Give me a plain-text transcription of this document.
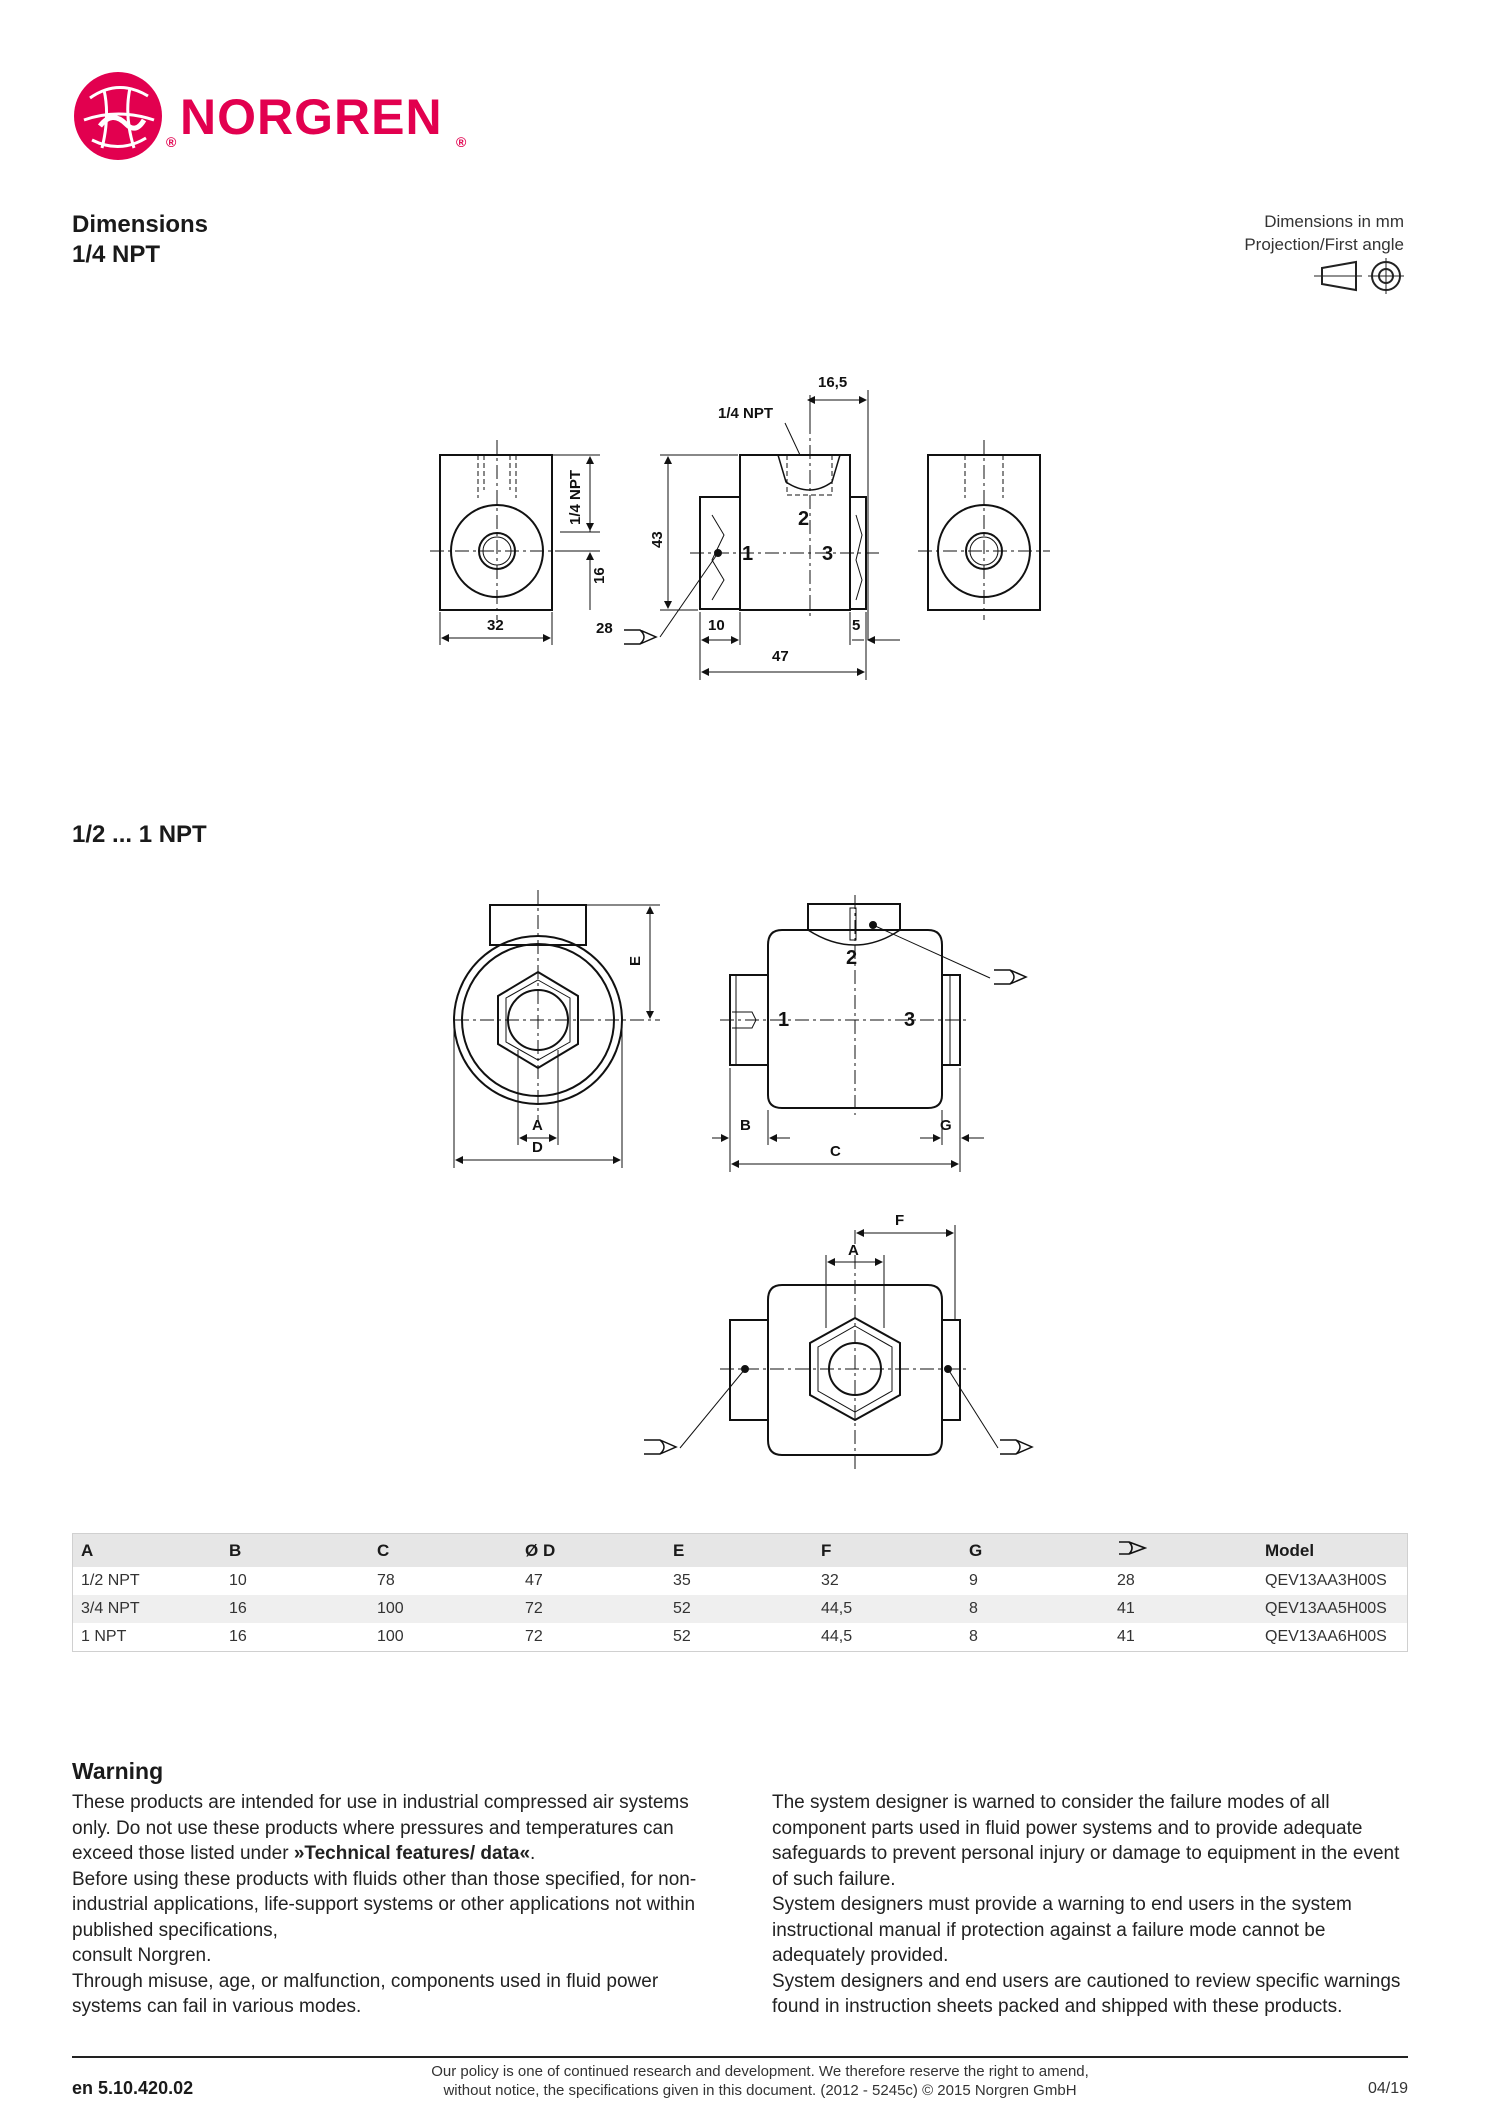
® NORGREN ®
Dimensions
1/4 NPT
Dimensions in mm
Projection/First angle
1/2 ... 1 NPT
16,5
1/4 NPT
1/4 NPT
16
43
32	28	10	5
47
1
2
3
E
A
D
B
C
G
1
2
3
F
A
A	B	C	Ø D	E	F	G		Model
1/2 NPT	10	78	47	35	32	9	28	QEV13AA3H00S
3/4 NPT	16	100	72	52	44,5	8	41	QEV13AA5H00S
1 NPT	16	100	72	52	44,5	8	41	QEV13AA6H00S
Warning

These products are intended for use in industrial compressed air systems only. Do not use these products where pressures and temperatures can exceed those listed under »Technical features/ data«.

Before using these products with fluids other than those specified, for non-industrial applications, life-support systems or other applications not within published specifications,

consult Norgren.

Through misuse, age, or malfunction, components used in fluid power systems can fail in various modes.

The system designer is warned to consider the failure modes of all component parts used in fluid power systems and to provide adequate safeguards to prevent personal injury or damage to equipment in the event of such failure.

System designers must provide a warning to end users in the system instructional manual if protection against a failure mode cannot be adequately provided.

System designers and end users are cautioned to review specific warnings found in instruction sheets packed and shipped with these products.

en 5.10.420.02
Our policy is one of continued research and development. We therefore reserve the right to amend,
without notice, the specifications given in this document. (2012 - 5245c) © 2015 Norgren GmbH	04/19
